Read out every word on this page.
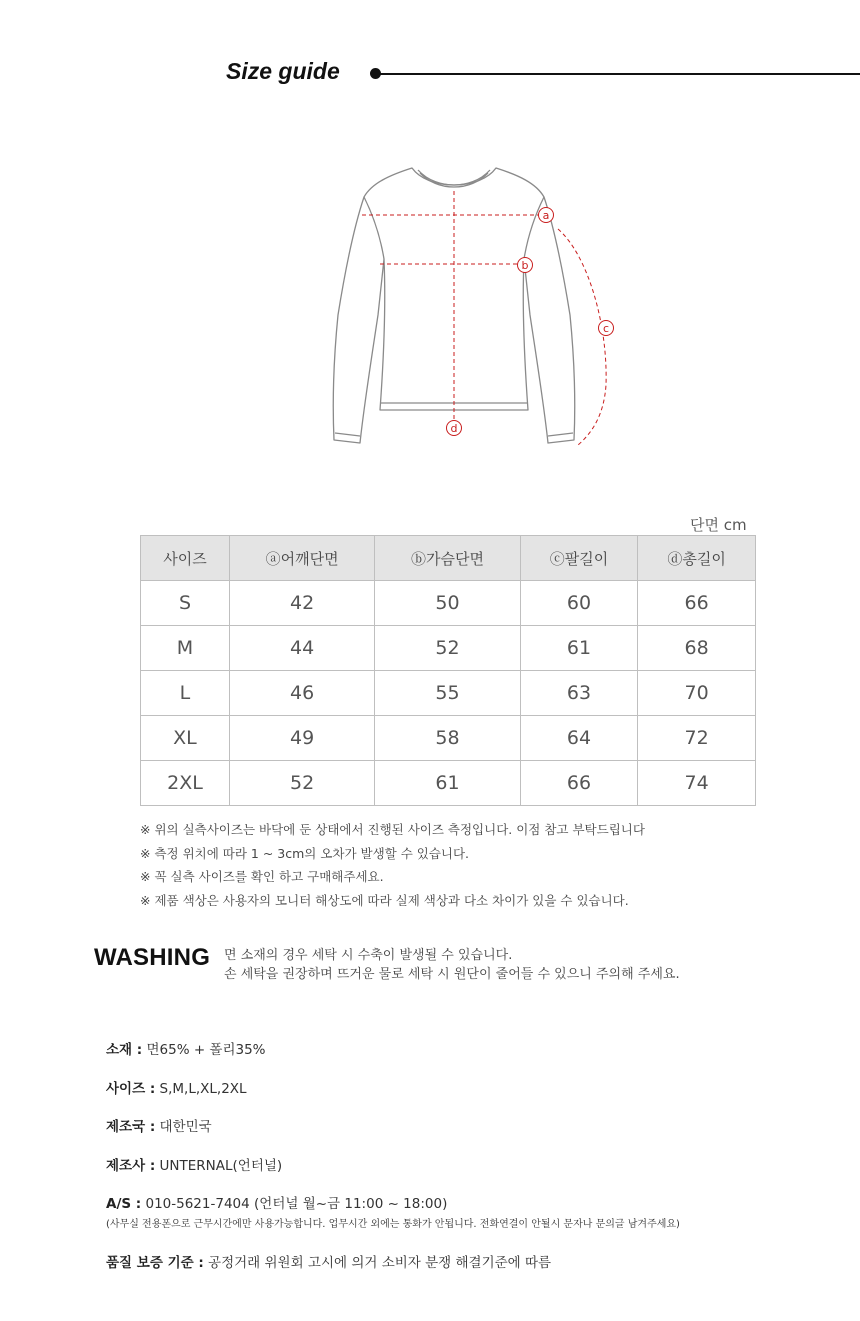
Size guide
a
b
c
d
단면 cm
사이즈	ⓐ어깨단면	ⓑ가슴단면	ⓒ팔길이	ⓓ총길이
S	42	50	60	66
M	44	52	61	68
L	46	55	63	70
XL	49	58	64	72
2XL	52	61	66	74
※ 위의 실측사이즈는 바닥에 둔 상태에서 진행된 사이즈 측정입니다. 이점 참고 부탁드립니다
※ 측정 위치에 따라 1 ~ 3cm의 오차가 발생할 수 있습니다.
※ 꼭 실측 사이즈를 확인 하고 구매해주세요.
※ 제품 색상은 사용자의 모니터 해상도에 따라 실제 색상과 다소 차이가 있을 수 있습니다.
WASHING 면 소재의 경우 세탁 시 수축이 발생될 수 있습니다.
손 세탁을 권장하며 뜨거운 물로 세탁 시 원단이 줄어들 수 있으니 주의해 주세요.
소재 : 면65% + 폴리35%
사이즈 : S,M,L,XL,2XL
제조국 : 대한민국
제조사 : UNTERNAL(언터널)
A/S : 010-5621-7404 (언터널 월~금 11:00 ~ 18:00)
(사무실 전용폰으로 근무시간에만 사용가능합니다. 업무시간 외에는 통화가 안됩니다. 전화연결이 안될시 문자나 문의글 남겨주세요)
품질 보증 기준 : 공정거래 위원회 고시에 의거 소비자 분쟁 해결기준에 따름
